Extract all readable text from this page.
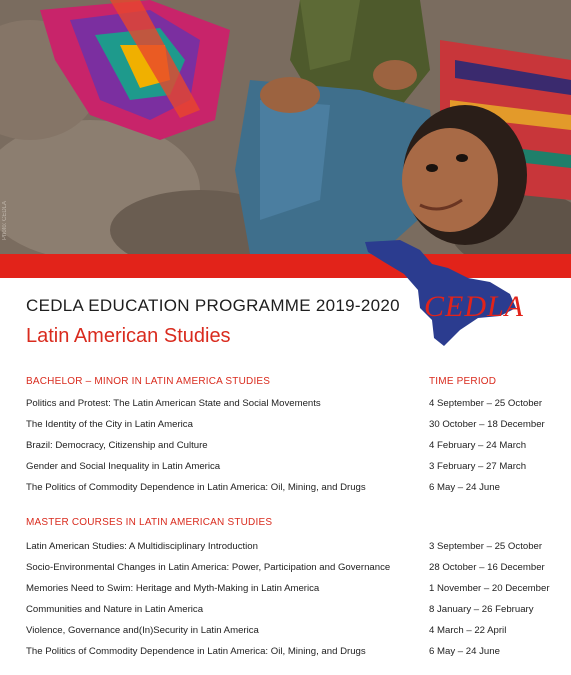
Photo: CEDLA
CEDLA
CEDLA EDUCATION PROGRAMME 2019-2020
Latin American Studies
BACHELOR – MINOR IN LATIN AMERICA STUDIES	TIME PERIOD
Politics and Protest: The Latin American State and Social Movements
The Identity of the City in Latin America
Brazil: Democracy, Citizenship and Culture
Gender and Social Inequality in Latin America
The Politics of Commodity Dependence in Latin America: Oil, Mining, and Drugs
4 September – 25 October
30 October – 18 December
4 February – 24 March
3 February – 27 March
6 May – 24 June
MASTER COURSES IN LATIN AMERICAN STUDIES
Latin American Studies: A Multidisciplinary Introduction
Socio-Environmental Changes in Latin America: Power, Participation and Governance
Memories Need to Swim: Heritage and Myth-Making in Latin America
Communities and Nature in Latin America
Violence, Governance and(In)Security in Latin America
The Politics of Commodity Dependence in Latin America: Oil, Mining, and Drugs
3 September – 25 October
28 October – 16 December
1 November – 20 December
8 January – 26 February
4 March – 22 April
6 May – 24 June
